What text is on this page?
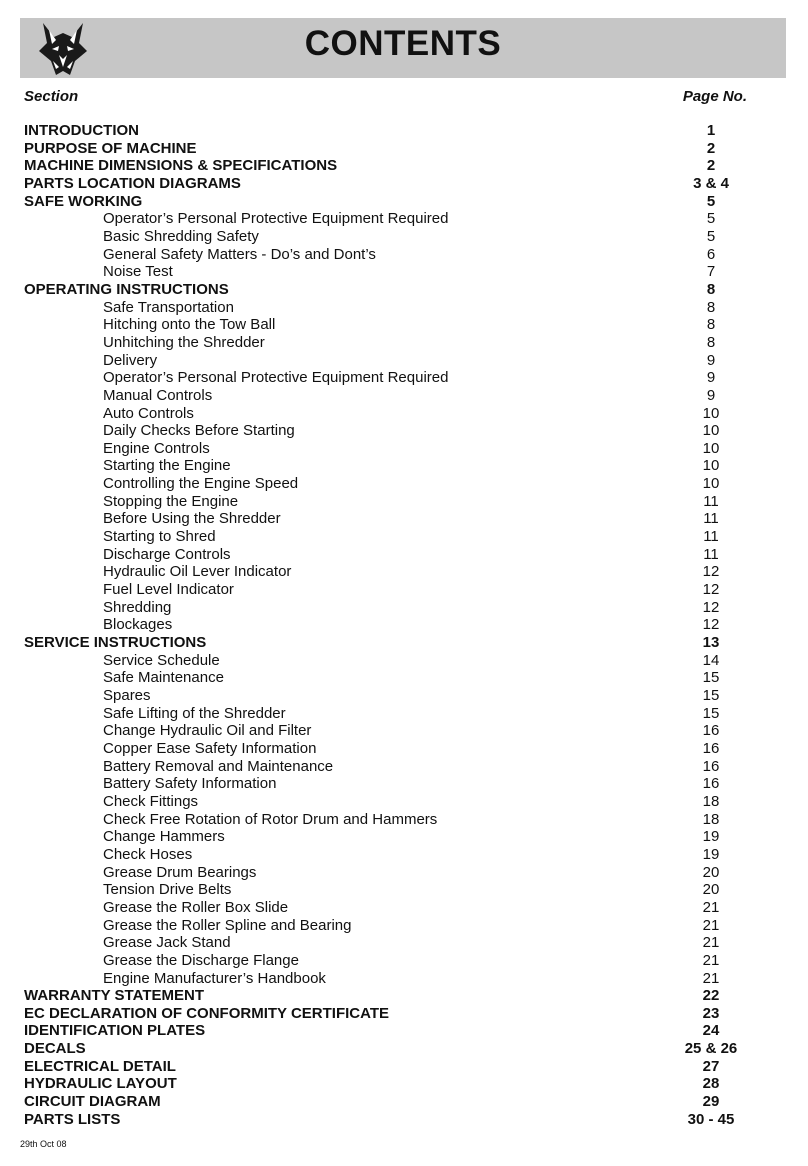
CONTENTS
Section	Page No.
INTRODUCTION	1
PURPOSE OF MACHINE	2
MACHINE DIMENSIONS & SPECIFICATIONS	2
PARTS LOCATION DIAGRAMS	3 & 4
SAFE WORKING	5
Operator’s Personal Protective Equipment Required	5
Basic Shredding Safety	5
General Safety Matters - Do’s and Dont’s	6
Noise Test	7
OPERATING INSTRUCTIONS	8
Safe Transportation	8
Hitching onto the Tow Ball	8
Unhitching the Shredder	8
Delivery	9
Operator’s Personal Protective Equipment Required	9
Manual Controls	9
Auto Controls	10
Daily Checks Before Starting	10
Engine Controls	10
Starting the Engine	10
Controlling the Engine Speed	10
Stopping the Engine	11
Before Using the Shredder	11
Starting to Shred	11
Discharge Controls	11
Hydraulic Oil Lever Indicator	12
Fuel Level Indicator	12
Shredding	12
Blockages	12
SERVICE INSTRUCTIONS	13
Service Schedule	14
Safe Maintenance	15
Spares	15
Safe Lifting of the Shredder	15
Change Hydraulic Oil and Filter	16
Copper Ease Safety Information	16
Battery Removal and Maintenance	16
Battery Safety Information	16
Check Fittings	18
Check Free Rotation of Rotor Drum and Hammers	18
Change Hammers	19
Check Hoses	19
Grease Drum Bearings	20
Tension Drive Belts	20
Grease the Roller Box Slide	21
Grease the Roller Spline and Bearing	21
Grease Jack Stand	21
Grease the Discharge Flange	21
Engine Manufacturer’s Handbook	21
WARRANTY STATEMENT	22
EC DECLARATION OF CONFORMITY CERTIFICATE	23
IDENTIFICATION PLATES	24
DECALS	25 & 26
ELECTRICAL DETAIL	27
HYDRAULIC LAYOUT	28
CIRCUIT DIAGRAM	29
PARTS LISTS	30 - 45
29th Oct 08
